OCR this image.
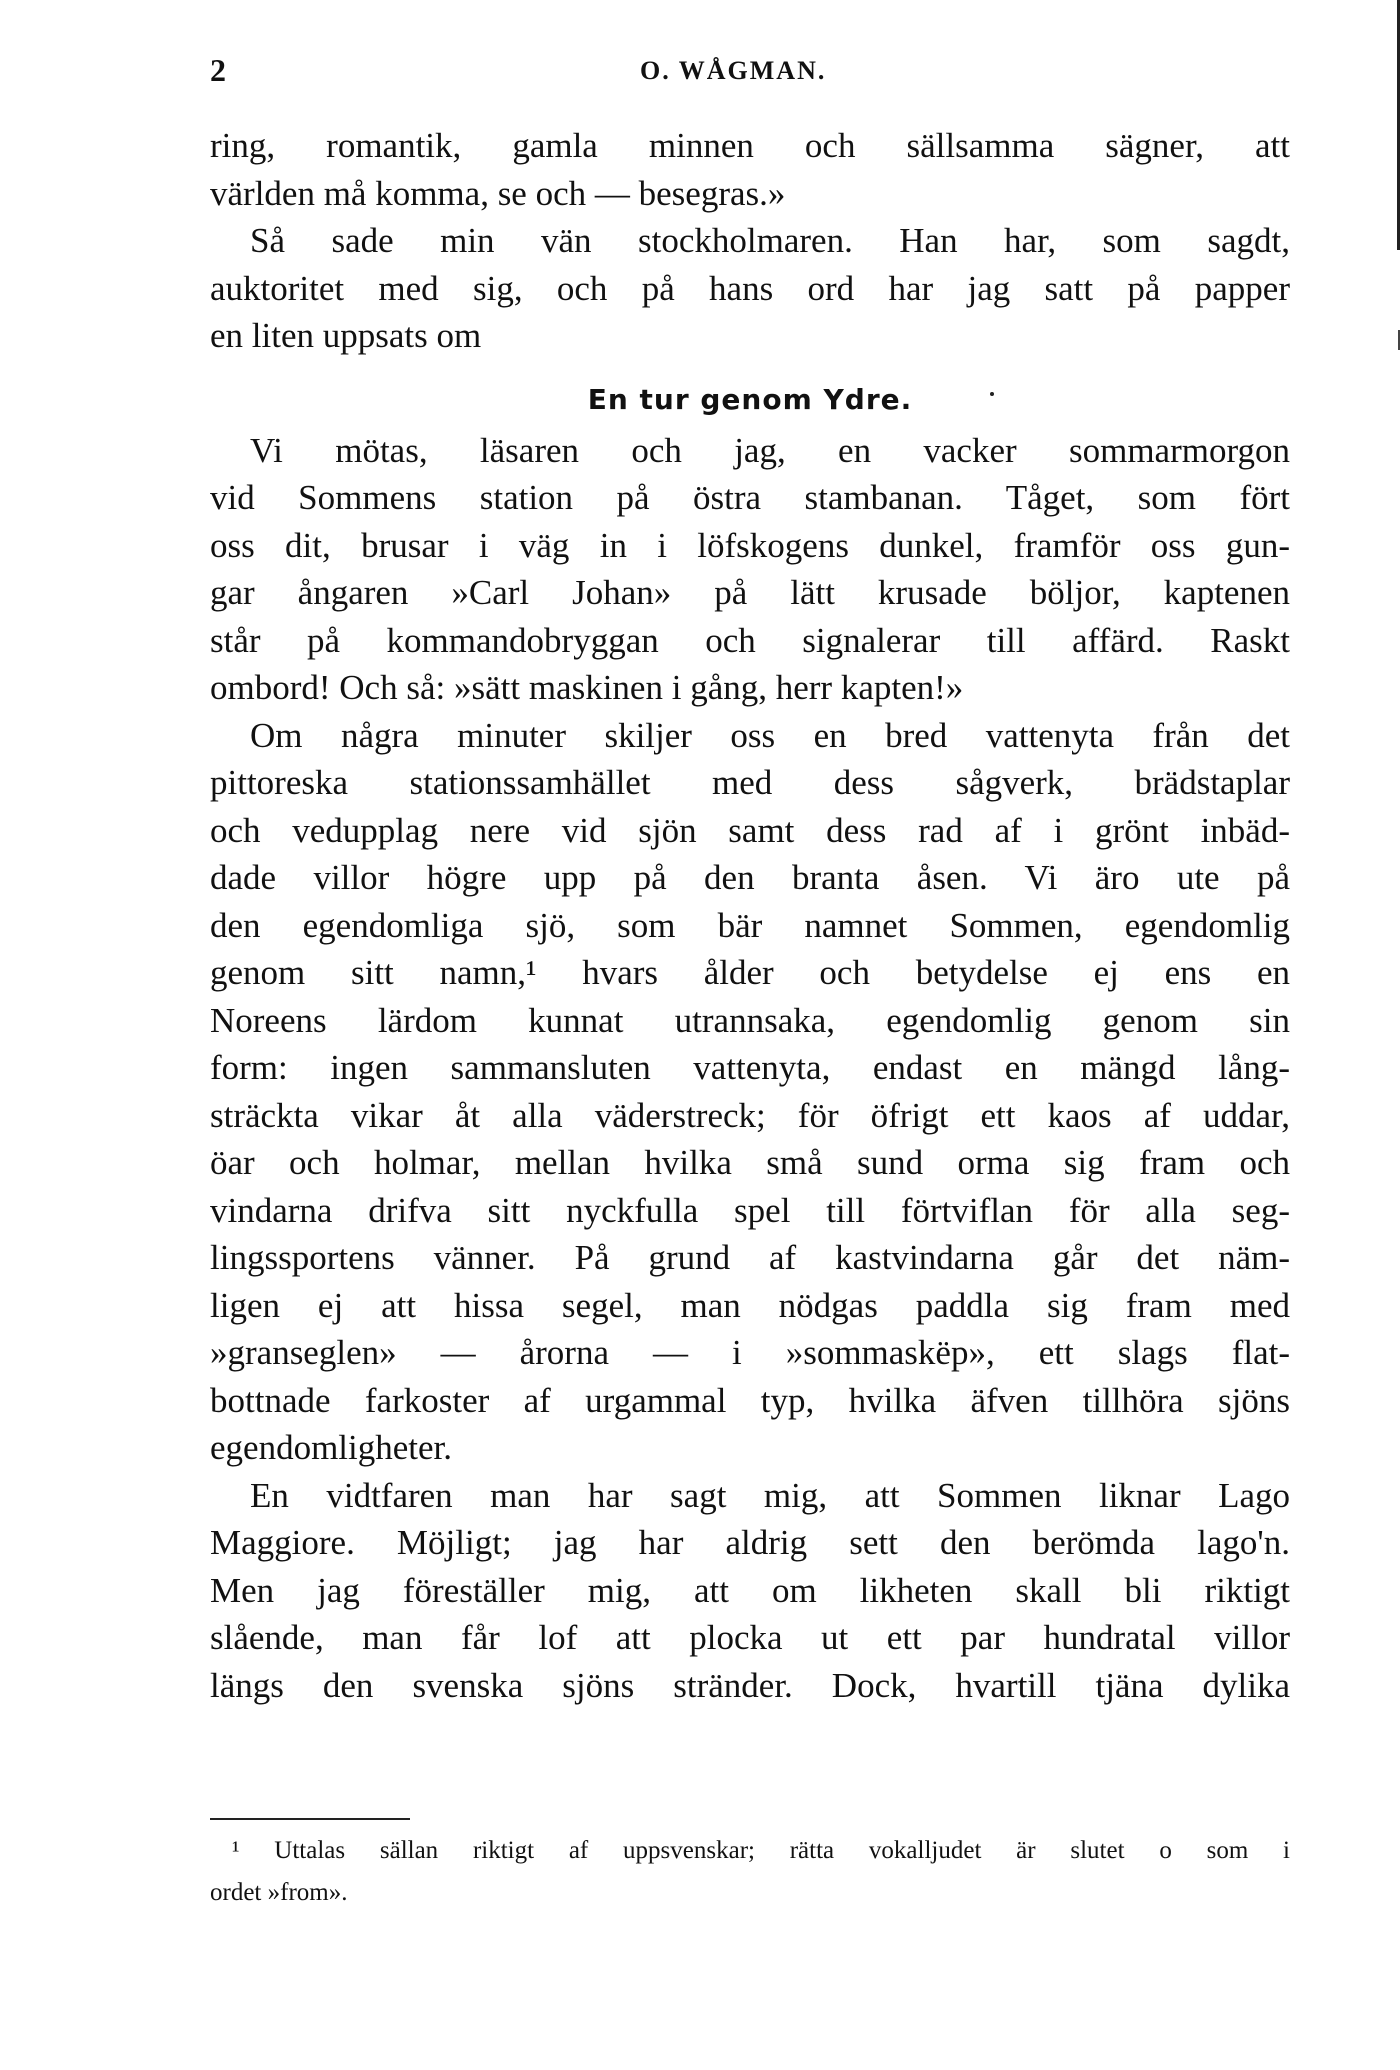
2	O. WÅGMAN.
ring, romantik, gamla minnen och sällsamma sägner, att
världen må komma, se och — besegras.»
Så sade min vän stockholmaren. Han har, som sagdt,
auktoritet med sig, och på hans ord har jag satt på papper
en liten uppsats om
En tur genom Ydre.
Vi mötas, läsaren och jag, en vacker sommarmorgon
vid Sommens station på östra stambanan. Tåget, som fört
oss dit, brusar i väg in i löfskogens dunkel, framför oss gun-
gar ångaren »Carl Johan» på lätt krusade böljor, kaptenen
står på kommandobryggan och signalerar till affärd. Raskt
ombord! Och så: »sätt maskinen i gång, herr kapten!»
Om några minuter skiljer oss en bred vattenyta från det
pittoreska stationssamhället med dess sågverk, brädstaplar
och vedupplag nere vid sjön samt dess rad af i grönt inbäd-
dade villor högre upp på den branta åsen. Vi äro ute på
den egendomliga sjö, som bär namnet Sommen, egendomlig
genom sitt namn,¹ hvars ålder och betydelse ej ens en
Noreens lärdom kunnat utrannsaka, egendomlig genom sin
form: ingen sammansluten vattenyta, endast en mängd lång-
sträckta vikar åt alla väderstreck; för öfrigt ett kaos af uddar,
öar och holmar, mellan hvilka små sund orma sig fram och
vindarna drifva sitt nyckfulla spel till förtviflan för alla seg-
lingssportens vänner. På grund af kastvindarna går det näm-
ligen ej att hissa segel, man nödgas paddla sig fram med
»granseglen» — årorna — i »sommaskëp», ett slags flat-
bottnade farkoster af urgammal typ, hvilka äfven tillhöra sjöns
egendomligheter.
En vidtfaren man har sagt mig, att Sommen liknar Lago
Maggiore. Möjligt; jag har aldrig sett den berömda lago'n.
Men jag föreställer mig, att om likheten skall bli riktigt
slående, man får lof att plocka ut ett par hundratal villor
längs den svenska sjöns stränder. Dock, hvartill tjäna dylika
¹ Uttalas sällan riktigt af uppsvenskar; rätta vokalljudet är slutet o som i
ordet »from».
